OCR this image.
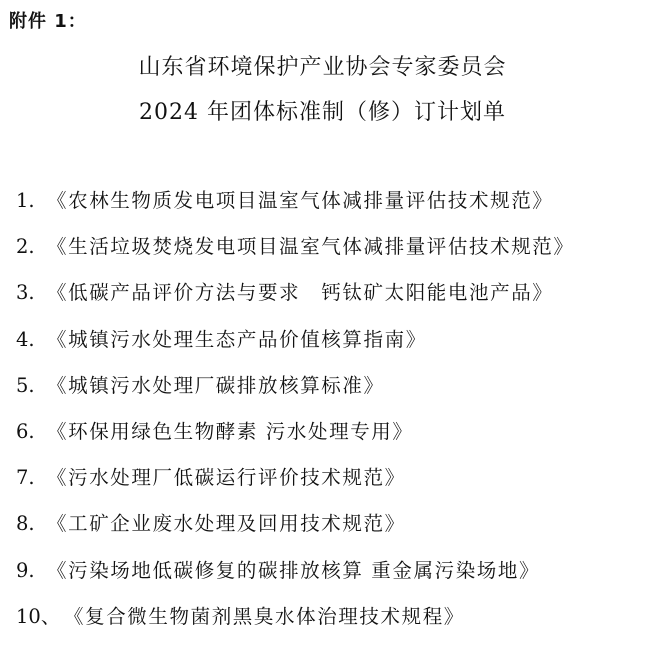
附件 1：
山东省环境保护产业协会专家委员会
2024 年团体标准制（修）订计划单
1. 《农林生物质发电项目温室气体减排量评估技术规范》
2. 《生活垃圾焚烧发电项目温室气体减排量评估技术规范》
3. 《低碳产品评价方法与要求　钙钛矿太阳能电池产品》
4. 《城镇污水处理生态产品价值核算指南》
5. 《城镇污水处理厂碳排放核算标准》
6. 《环保用绿色生物酵素 污水处理专用》
7. 《污水处理厂低碳运行评价技术规范》
8. 《工矿企业废水处理及回用技术规范》
9. 《污染场地低碳修复的碳排放核算 重金属污染场地》
10、 《复合微生物菌剂黑臭水体治理技术规程》
